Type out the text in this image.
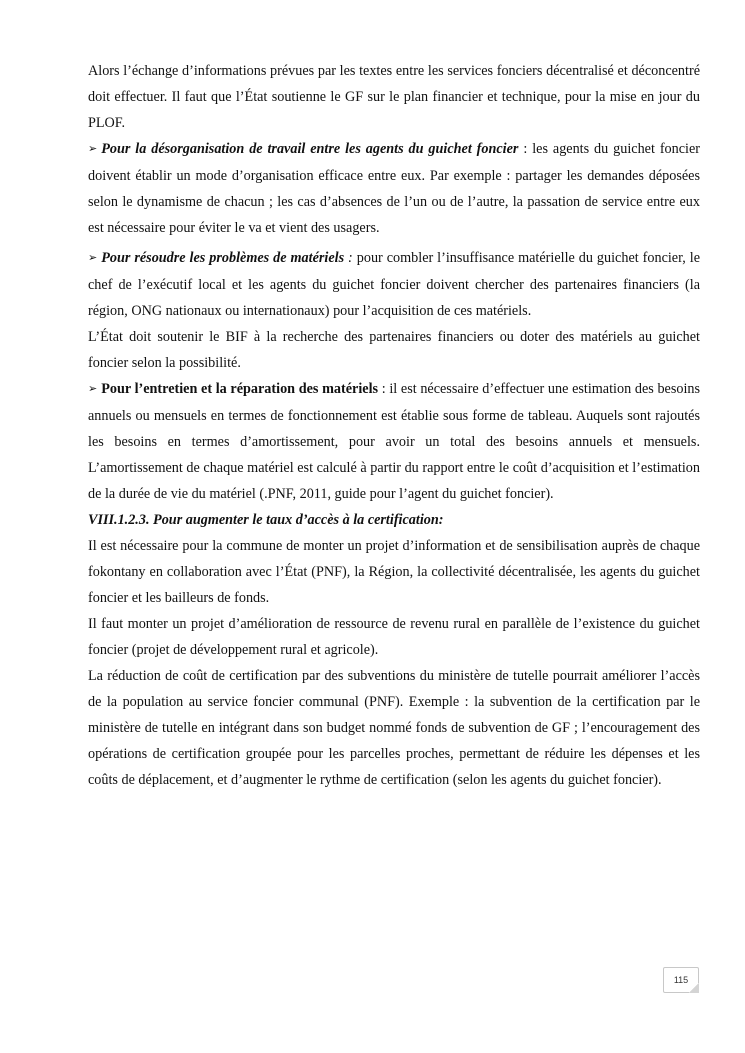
Alors l’échange d’informations prévues par les textes entre les services fonciers décentralisé et déconcentré doit effectuer. Il faut que l’État soutienne le GF sur le plan financier et technique, pour la mise en jour du PLOF.

➢ Pour la désorganisation de travail entre les agents du guichet foncier : les agents du guichet foncier doivent établir un mode d’organisation efficace entre eux. Par exemple : partager les demandes déposées selon le dynamisme de chacun ; les cas d’absences de l’un ou de l’autre, la passation de service entre eux est nécessaire pour éviter le va et vient des usagers.

➢ Pour résoudre les problèmes de matériels : pour combler l’insuffisance matérielle du guichet foncier, le chef de l’exécutif local et les agents du guichet foncier doivent chercher des partenaires financiers (la région, ONG nationaux ou internationaux) pour l’acquisition de ces matériels.

L’État doit soutenir le BIF à la recherche des partenaires financiers ou doter des matériels au guichet foncier selon la possibilité.

➢ Pour l’entretien et la réparation des matériels : il est nécessaire d’effectuer une estimation des besoins annuels ou mensuels en termes de fonctionnement est établie sous forme de tableau. Auquels sont rajoutés les besoins en termes d’amortissement, pour avoir un total des besoins annuels et mensuels. L’amortissement de chaque matériel est calculé à partir du rapport entre le coût d’acquisition et l’estimation de la durée de vie du matériel (.PNF, 2011, guide pour l’agent du guichet foncier).

VIII.1.2.3. Pour augmenter le taux d’accès à la certification:

Il est nécessaire pour la commune de monter un projet d’information et de sensibilisation auprès de chaque fokontany en collaboration avec l’État (PNF), la Région, la collectivité décentralisée, les agents du guichet foncier et les bailleurs de fonds.

Il faut monter un projet d’amélioration de ressource de revenu rural en parallèle de l’existence du guichet foncier (projet de développement rural et agricole).

La réduction de coût de certification par des subventions du ministère de tutelle pourrait améliorer l’accès de la population au service foncier communal (PNF). Exemple : la subvention de la certification par le ministère de tutelle en intégrant dans son budget nommé fonds de subvention de GF ; l’encouragement des opérations de certification groupée pour les parcelles proches, permettant de réduire les dépenses et les coûts de déplacement, et d’augmenter le rythme de certification (selon les agents du guichet foncier).

115
